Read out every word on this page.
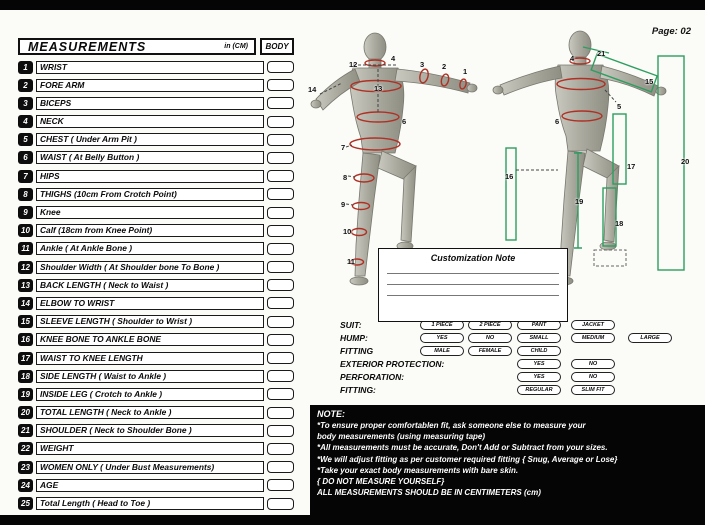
Page: 02
MEASUREMENTS	in (CM)	BODY
1	WRIST
2	FORE ARM
3	BICEPS
4	NECK
5	CHEST ( Under Arm Pit )
6	WAIST ( At Belly Button )
7	HIPS
8	THIGHS (10cm From Crotch Point)
9	Knee
10	Calf (18cm from Knee Point)
11	Ankle ( At Ankle Bone )
12	Shoulder Width ( At Shoulder bone To Bone )
13	BACK LENGTH ( Neck to Waist )
14	ELBOW TO WRIST
15	SLEEVE LENGTH ( Shoulder to Wrist )
16	KNEE BONE TO ANKLE BONE
17	WAIST TO KNEE LENGTH
18	SIDE LENGTH ( Waist to Ankle )
19	INSIDE LEG ( Crotch to Ankle )
20	TOTAL LENGTH ( Neck to Ankle )
21	SHOULDER ( Neck to Shoulder Bone )
22	WEIGHT
23	WOMEN ONLY ( Under Bust Measurements)
24	AGE
25	Total Length ( Head to Toe )
12
4
3 2
1
14	13
6
7
8
9
10
11
4
21
15
5
6
20
16
17
19
18
Customization Note
SUIT:	1 PIECE	2 PIECE	PANT	JACKET
HUMP:	YES	NO	SMALL	MEDIUM	LARGE
FITTING	MALE	FEMALE	CHILD
EXTERIOR PROTECTION:	YES	NO
PERFORATION:	YES	NO
FITTING:	REGULAR	SLIM FIT
NOTE:
*To ensure proper comfortablen fit, ask someone else to measure your
body measurements (using measuring tape)
*All measurements must be accurate, Don't Add or Subtract from your sizes.
*We will adjust fitting as per customer required fitting { Snug, Average or Lose}
*Take your exact body measurements with bare skin.
{ DO NOT MEASURE YOURSELF}
ALL MEASUREMENTS SHOULD BE IN CENTIMETERS (cm)
